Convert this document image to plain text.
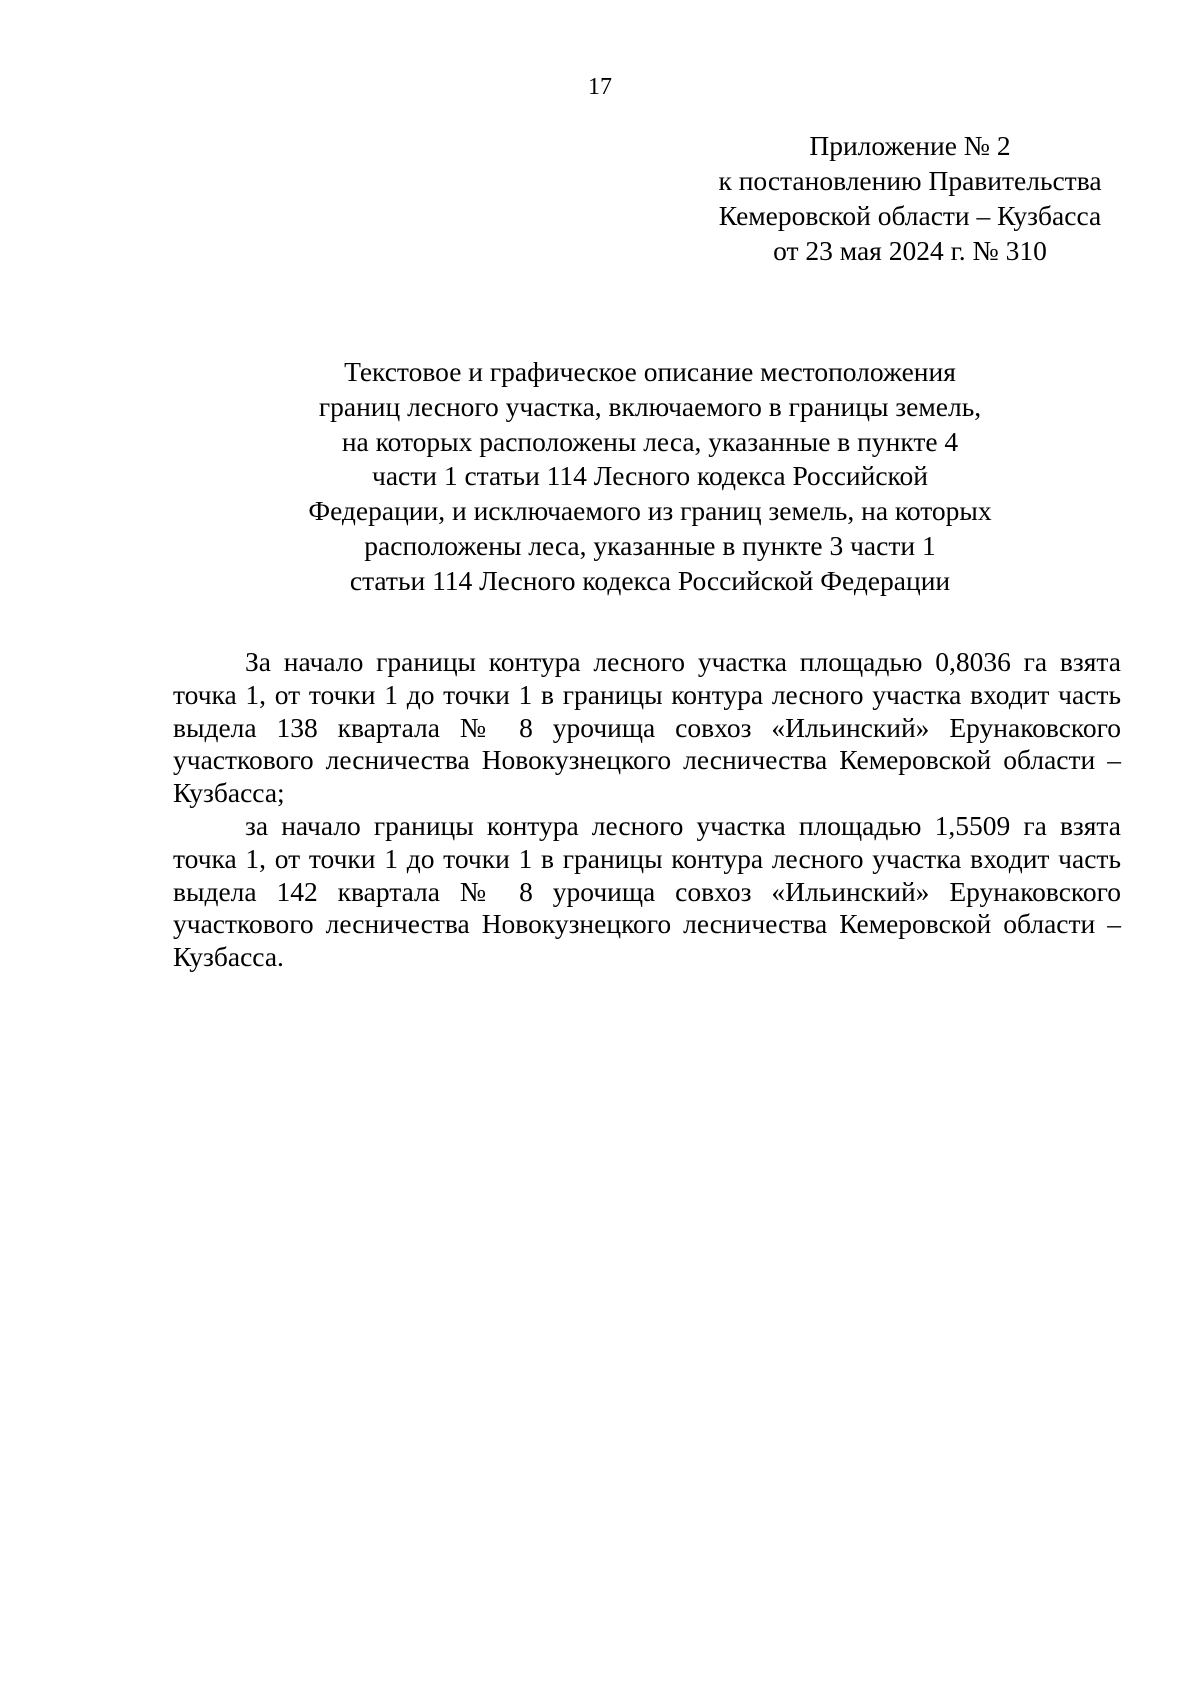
17
Приложение № 2
к постановлению Правительства
Кемеровской области – Кузбасса
от 23 мая 2024 г. № 310
Текстовое и графическое описание местоположения
границ лесного участка, включаемого в границы земель,
на которых расположены леса, указанные в пункте 4
части 1 статьи 114 Лесного кодекса Российской
Федерации, и исключаемого из границ земель, на которых
расположены леса, указанные в пункте 3 части 1
статьи 114 Лесного кодекса Российской Федерации

За начало границы контура лесного участка площадью 0,8036 га взята точка 1, от точки 1 до точки 1 в границы контура лесного участка входит часть выдела 138 квартала № 8 урочища совхоз «Ильинский» Ерунаковского участкового лесничества Новокузнецкого лесничества Кемеровской области – Кузбасса;

за начало границы контура лесного участка площадью 1,5509 га взята точка 1, от точки 1 до точки 1 в границы контура лесного участка входит часть выдела 142 квартала № 8 урочища совхоз «Ильинский» Ерунаковского участкового лесничества Новокузнецкого лесничества Кемеровской области – Кузбасса.
